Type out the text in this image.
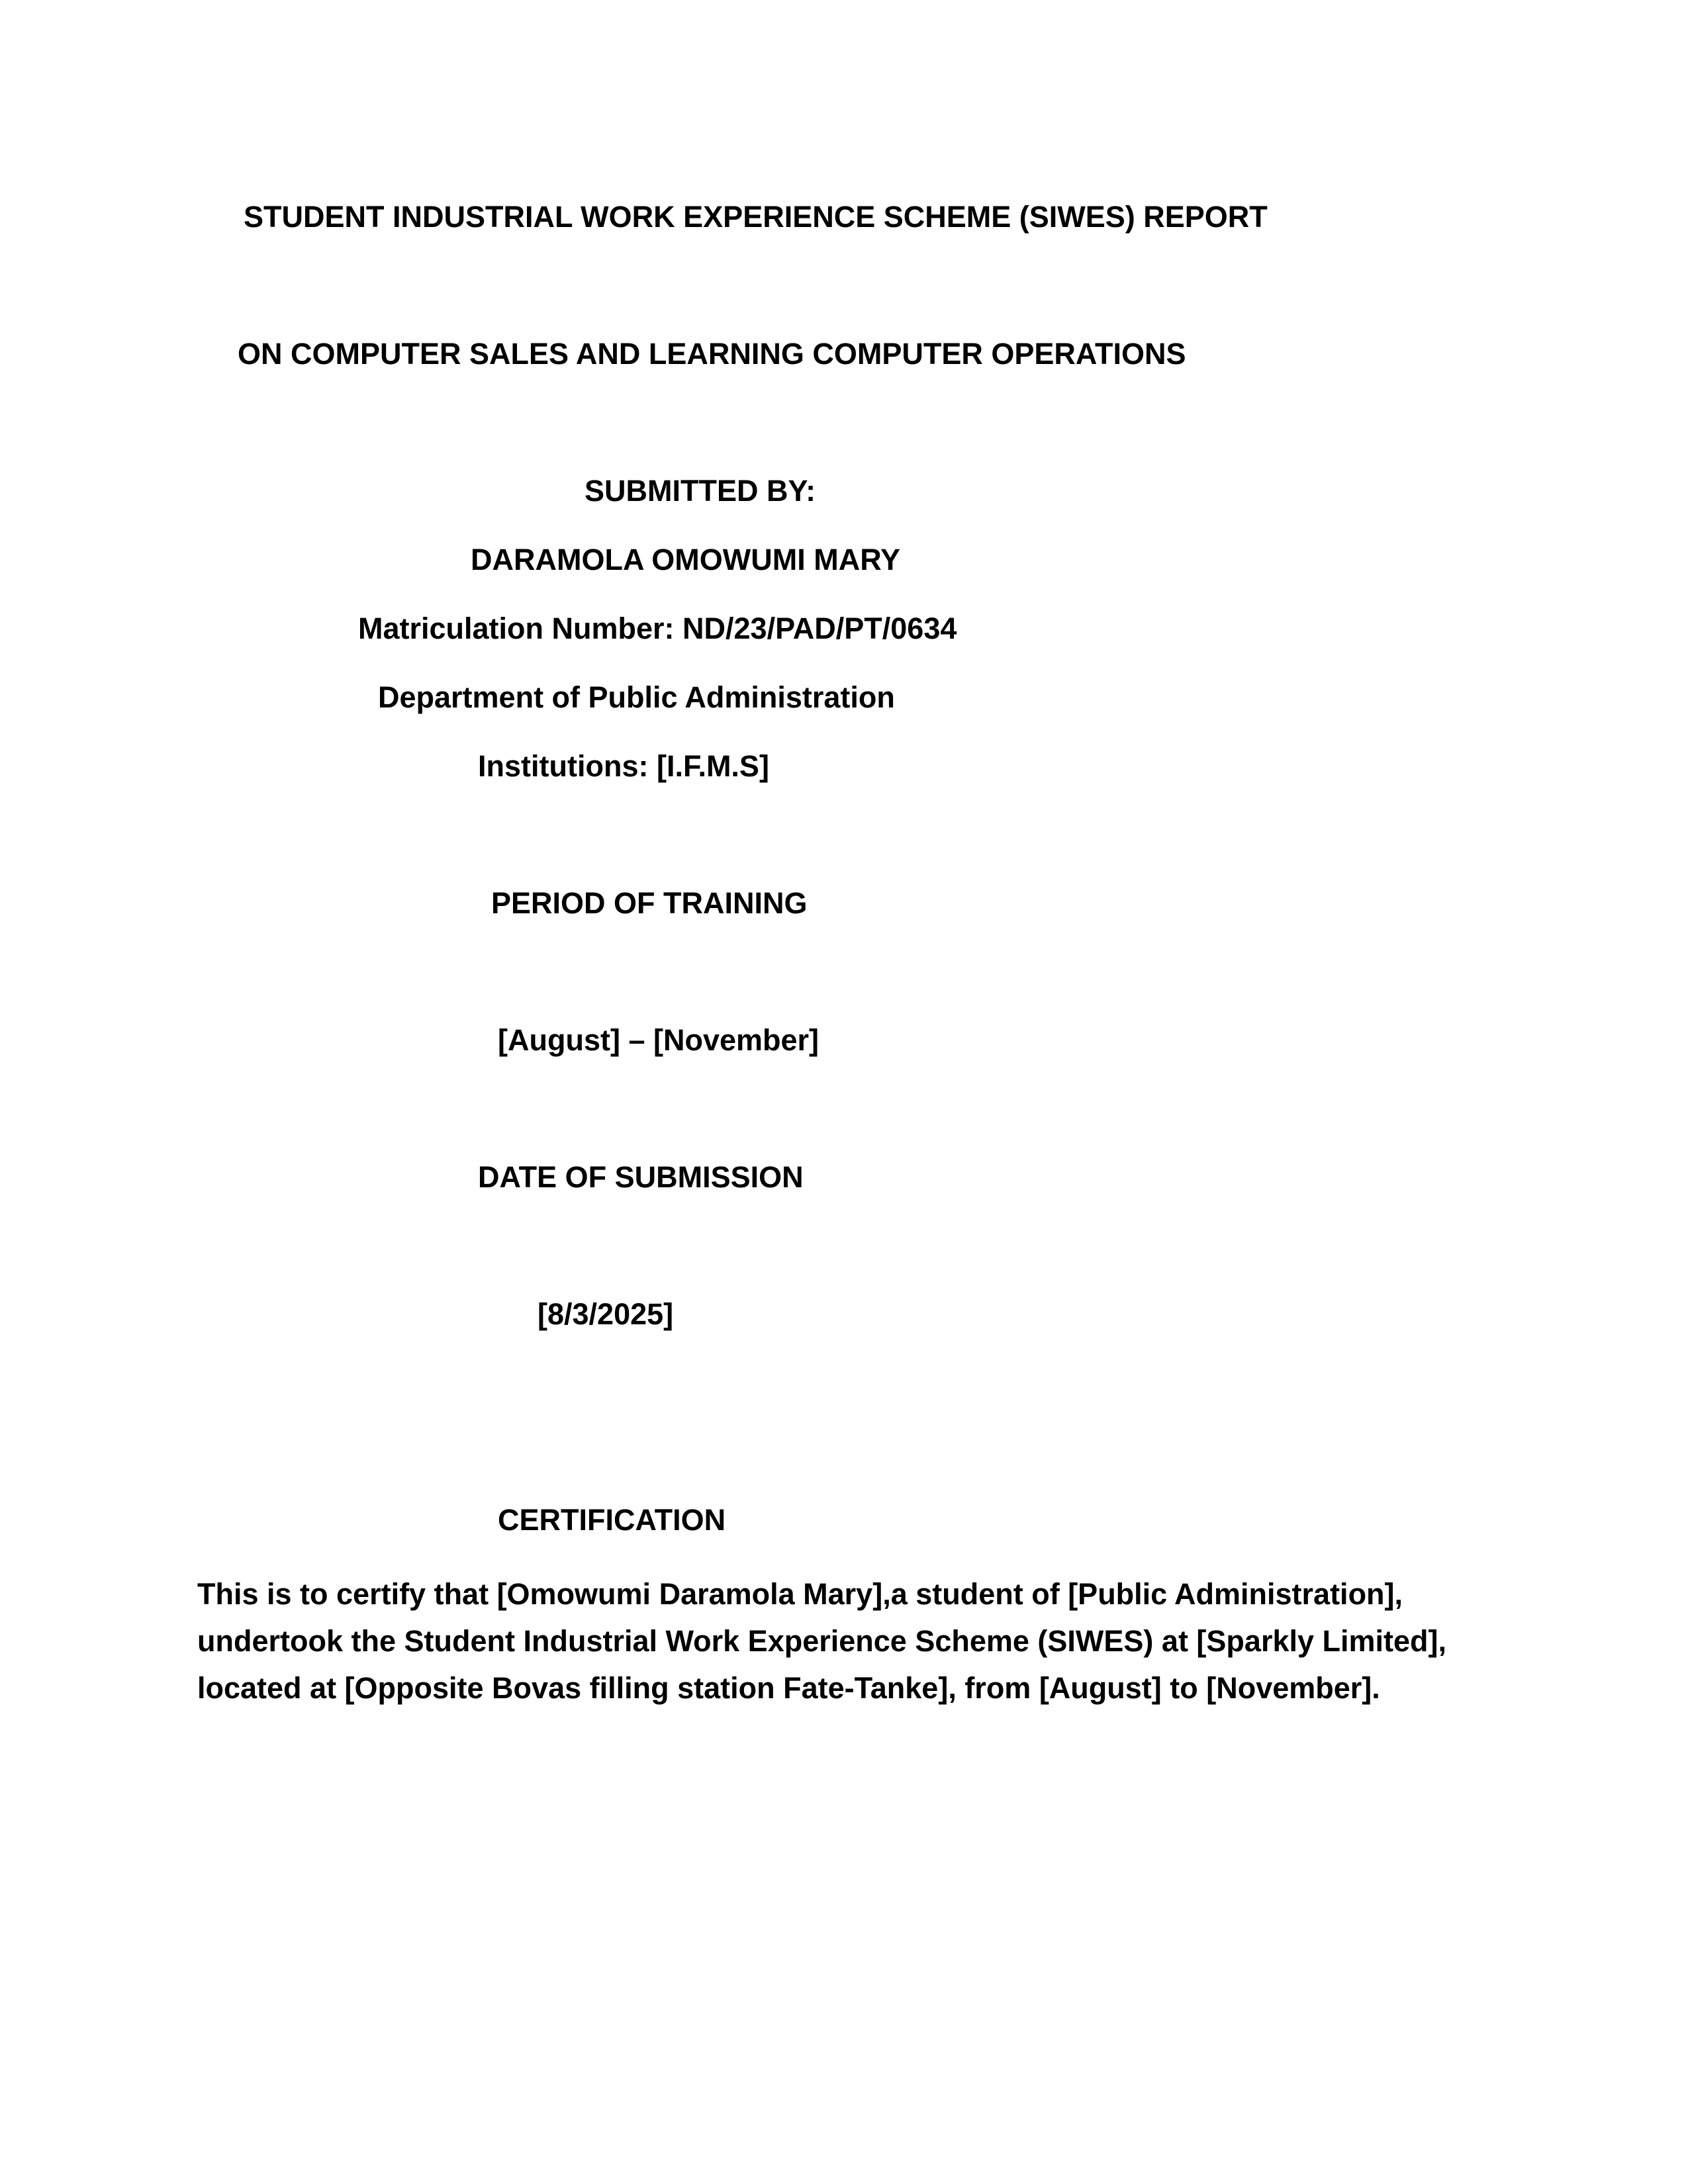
STUDENT INDUSTRIAL WORK EXPERIENCE SCHEME (SIWES) REPORT

ON COMPUTER SALES AND LEARNING COMPUTER OPERATIONS

SUBMITTED BY:

DARAMOLA OMOWUMI MARY

Matriculation Number: ND/23/PAD/PT/0634

Department of Public Administration

Institutions: [I.F.M.S]

PERIOD OF TRAINING

[August] – [November]

DATE OF SUBMISSION

[8/3/2025]

CERTIFICATION

This is to certify that [Omowumi Daramola Mary],a student of [Public Administration], undertook the Student Industrial Work Experience Scheme (SIWES) at [Sparkly Limited], located at [Opposite Bovas filling station Fate-Tanke], from [August] to [November].
